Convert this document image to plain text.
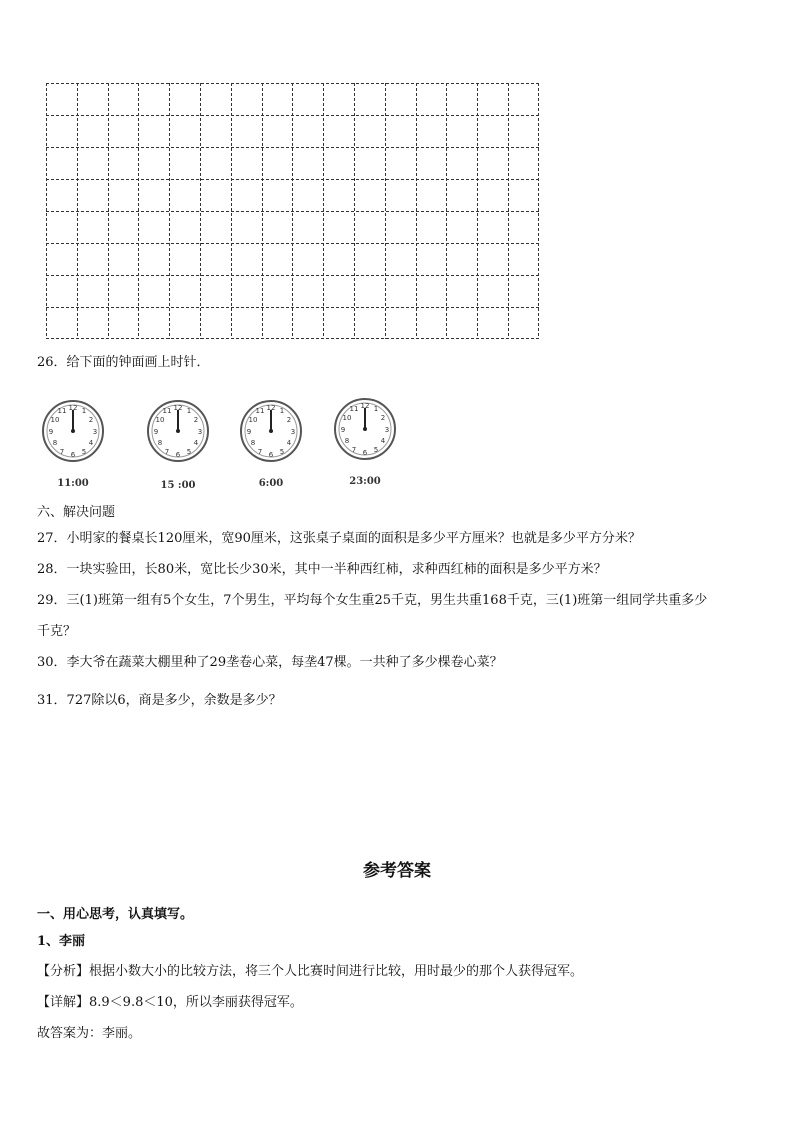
26．给下面的钟面画上时针．
12 1
2
3
4
5
6
7
8
9
10
11
11:00
12 1
2
3
4
5
6
7
8
9
10
11
15 :00
12 1
2
3
4
5
6
7
8
9
10
11
6:00
12 1
2
3
4
5
6
7
8
9
10
11
23:00
六、解决问题
27．小明家的餐桌长120厘米，宽90厘米，这张桌子桌面的面积是多少平方厘米？也就是多少平方分米？
28．一块实验田，长80米，宽比长少30米，其中一半种西红柿，求种西红柿的面积是多少平方米？
29．三(1)班第一组有5个女生，7个男生，平均每个女生重25千克，男生共重168千克，三(1)班第一组同学共重多少
千克？
30．李大爷在蔬菜大棚里种了29垄卷心菜，每垄47棵。一共种了多少棵卷心菜？
31．727除以6，商是多少，余数是多少？
参考答案
一、用心思考，认真填写。
1、李丽
【分析】根据小数大小的比较方法，将三个人比赛时间进行比较，用时最少的那个人获得冠军。
【详解】8.9＜9.8＜10，所以李丽获得冠军。
故答案为：李丽。
